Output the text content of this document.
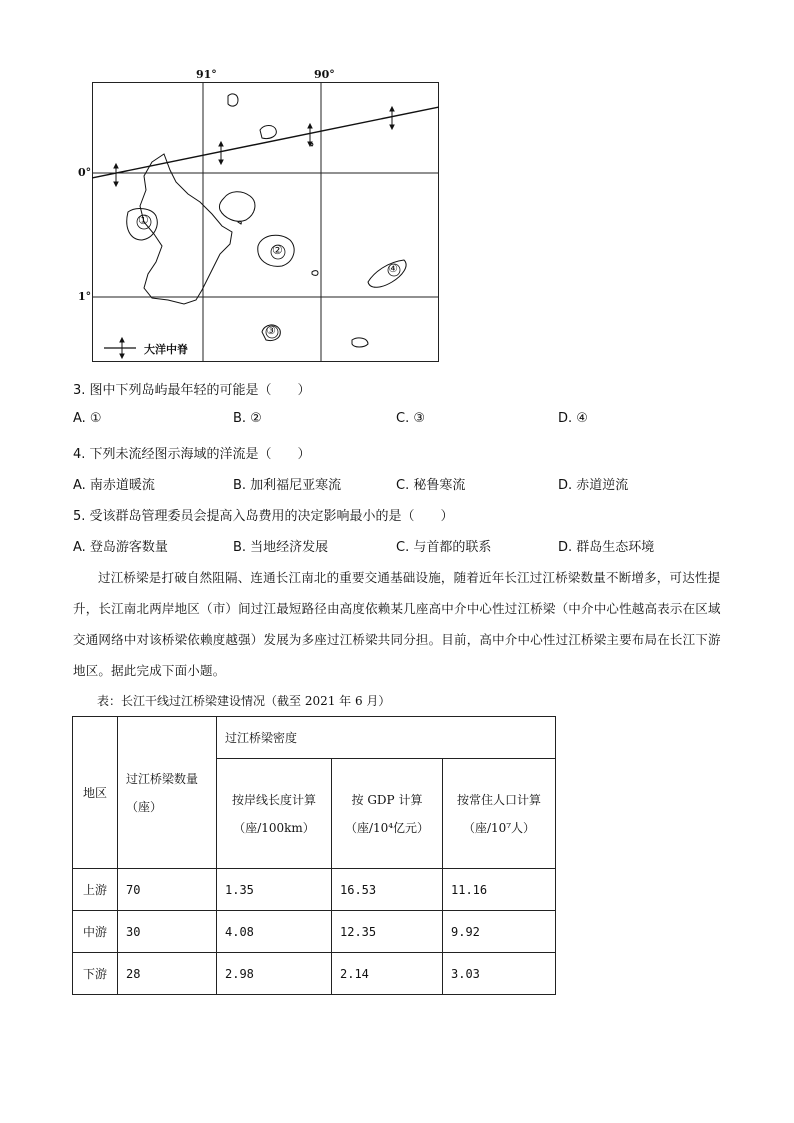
91°	90°
0°
1°
①
②
③
④
大洋中脊
3. 图中下列岛屿最年轻的可能是（　　）
A. ①	B. ②	C. ③	D. ④
4. 下列未流经图示海域的洋流是（　　）
A. 南赤道暖流	B. 加利福尼亚寒流	C. 秘鲁寒流	D. 赤道逆流
5. 受该群岛管理委员会提高入岛费用的决定影响最小的是（　　）
A. 登岛游客数量	B. 当地经济发展	C. 与首都的联系	D. 群岛生态环境
过江桥梁是打破自然阻隔、连通长江南北的重要交通基础设施，随着近年长江过江桥梁数量不断增多，可达性提升，长江南北两岸地区（市）间过江最短路径由高度依赖某几座高中介中心性过江桥梁（中介中心性越高表示在区域交通网络中对该桥梁依赖度越强）发展为多座过江桥梁共同分担。目前，高中介中心性过江桥梁主要布局在长江下游地区。据此完成下面小题。
表：长江干线过江桥梁建设情况（截至 2021 年 6 月）
地区	过江桥梁数量（座）	过江桥梁密度		
		按岸线长度计算（座/100km）	按 GDP 计算（座/10⁴亿元）	按常住人口计算（座/10⁷人）
上游	70	1.35	16.53	11.16
中游	30	4.08	12.35	9.92
下游	28	2.98	2.14	3.03
